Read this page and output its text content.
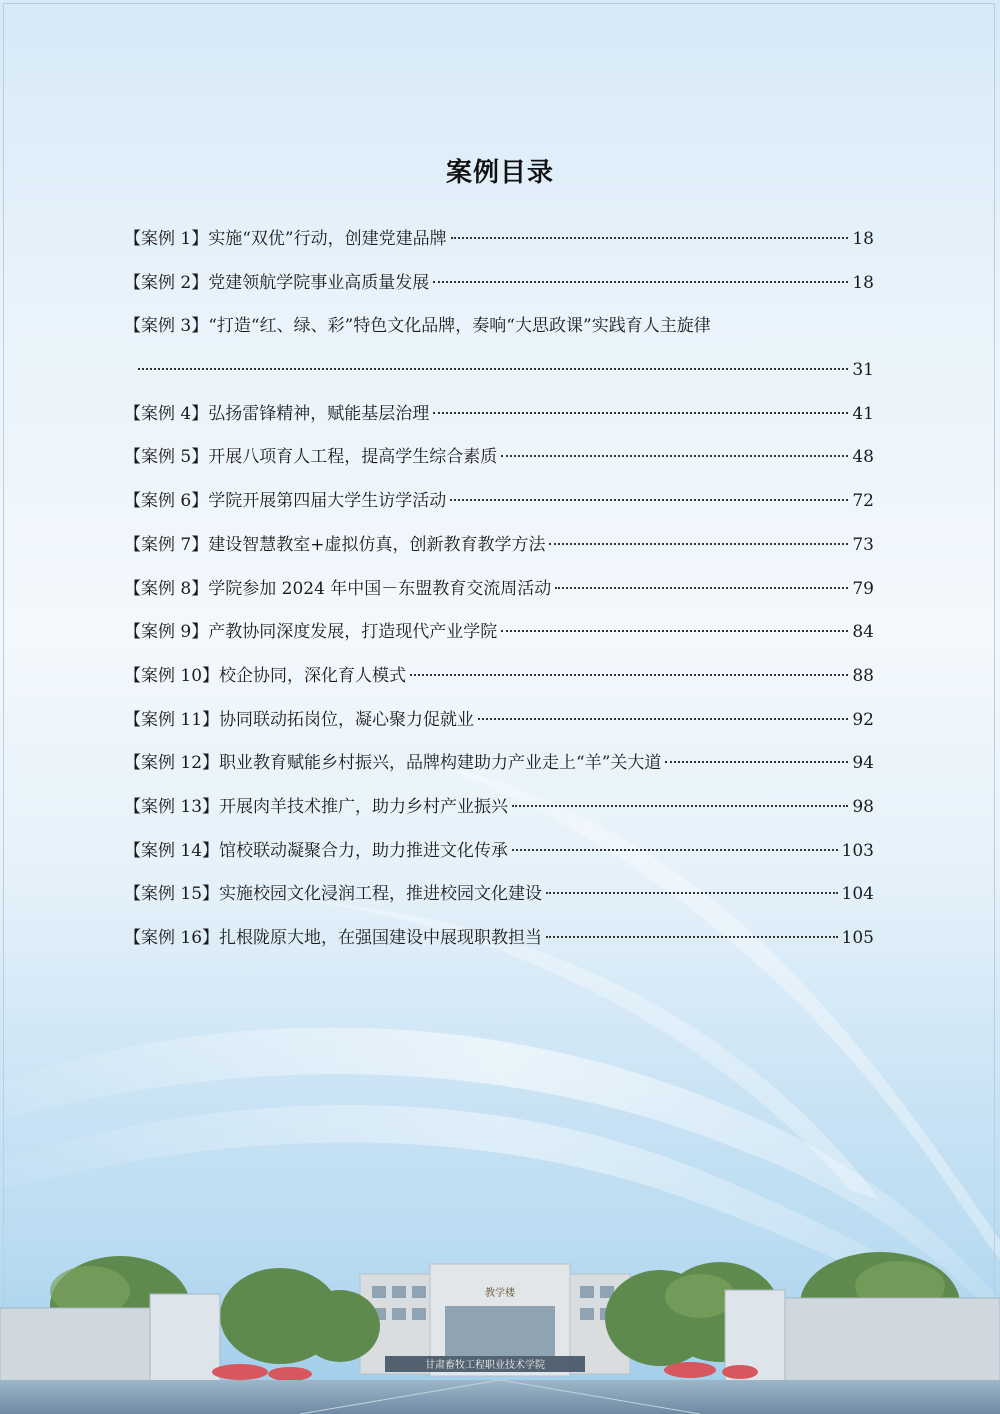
案例目录
【案例 1】 实施“双优”行动，创建党建品牌	18
【案例 2】 党建领航学院事业高质量发展	18
【案例 3】 “打造“红、绿、彩”特色文化品牌，奏响“大思政课”实践育人主旋律
31
【案例 4】 弘扬雷锋精神，赋能基层治理	41
【案例 5】 开展八项育人工程，提高学生综合素质	48
【案例 6】 学院开展第四届大学生访学活动	72
【案例 7】 建设智慧教室+虚拟仿真，创新教育教学方法	73
【案例 8】 学院参加 2024 年中国－东盟教育交流周活动	79
【案例 9】 产教协同深度发展，打造现代产业学院	84
【案例 10】 校企协同，深化育人模式	88
【案例 11】 协同联动拓岗位，凝心聚力促就业	92
【案例 12】 职业教育赋能乡村振兴，品牌构建助力产业走上“羊”关大道	94
【案例 13】 开展肉羊技术推广，助力乡村产业振兴	98
【案例 14】 馆校联动凝聚合力，助力推进文化传承	103
【案例 15】 实施校园文化浸润工程，推进校园文化建设	104
【案例 16】 扎根陇原大地，在强国建设中展现职教担当	105
教学楼
甘肃畜牧工程职业技术学院
